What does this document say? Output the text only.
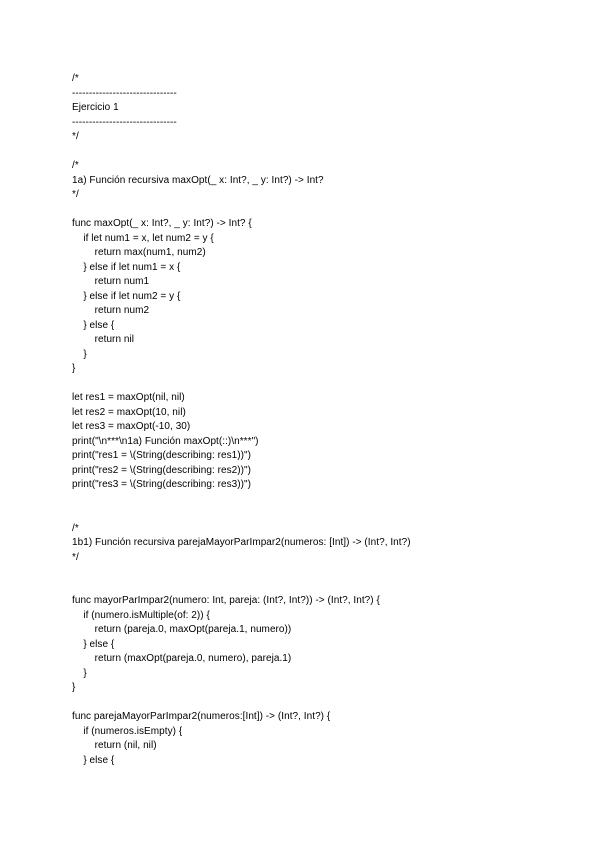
/*
-------------------------------
Ejercicio 1
-------------------------------
*/
/*
1a) Función recursiva maxOpt(_ x: Int?, _ y: Int?) -> Int?
*/
func maxOpt(_ x: Int?, _ y: Int?) -> Int? {
if let num1 = x, let num2 = y {
return max(num1, num2)
} else if let num1 = x {
return num1
} else if let num2 = y {
return num2
} else {
return nil
}
}
let res1 = maxOpt(nil, nil)
let res2 = maxOpt(10, nil)
let res3 = maxOpt(-10, 30)
print("\n***\n1a) Función maxOpt(::)\n***")
print("res1 = \(String(describing: res1))")
print("res2 = \(String(describing: res2))")
print("res3 = \(String(describing: res3))")
/*
1b1) Función recursiva parejaMayorParImpar2(numeros: [Int]) -> (Int?, Int?)
*/
func mayorParImpar2(numero: Int, pareja: (Int?, Int?)) -> (Int?, Int?) {
if (numero.isMultiple(of: 2)) {
return (pareja.0, maxOpt(pareja.1, numero))
} else {
return (maxOpt(pareja.0, numero), pareja.1)
}
}
func parejaMayorParImpar2(numeros:[Int]) -> (Int?, Int?) {
if (numeros.isEmpty) {
return (nil, nil)
} else {
